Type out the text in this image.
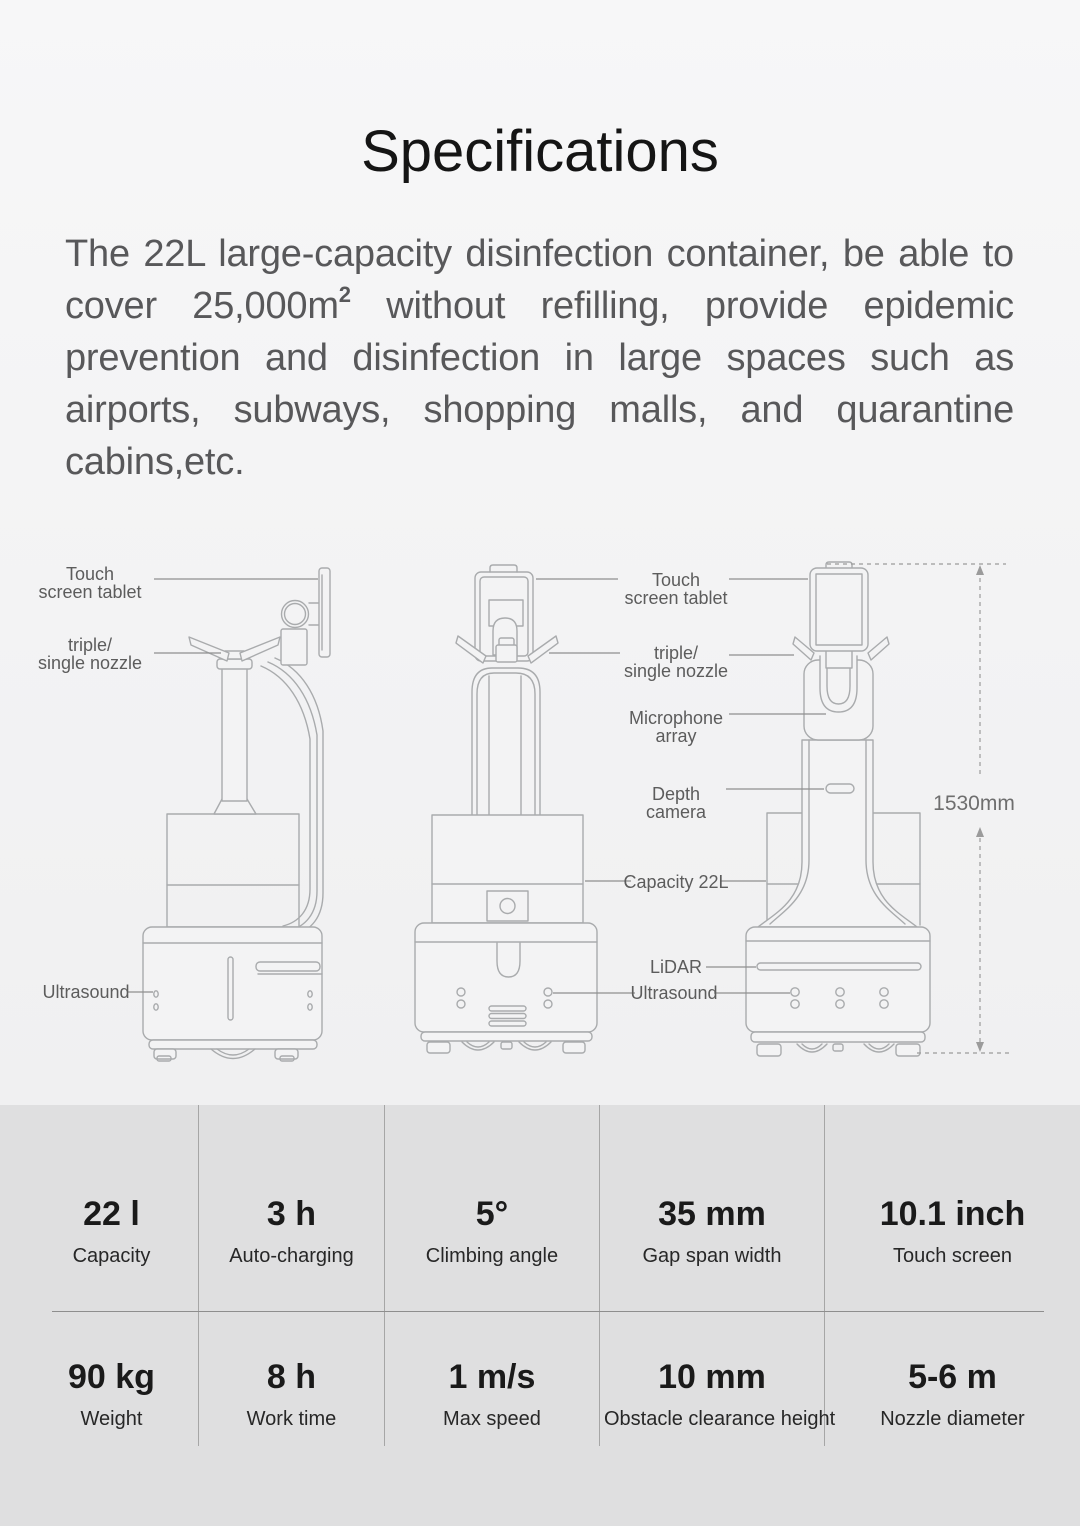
Specifications

The 22L large-capacity disinfection container, be able to cover $25,000m^2$ without refilling, provide epidemic prevention and disinfection in large spaces such as airports, subways, shopping malls, and quarantine cabins,etc.

Touch
screen tablet
triple/
single nozzle
Ultrasound
Touch
screen tablet
triple/
single nozzle
Microphone
array
Depth
camera
Capacity 22L
LiDAR
Ultrasound
1530mm
22 l
Capacity
3 h
Auto-charging
5°
Climbing angle
35 mm
Gap span width
10.1 inch
Touch screen
90 kg
Weight
8 h
Work time
1 m/s
Max speed
10 mm
Obstacle clearance height
5-6 m
Nozzle diameter
